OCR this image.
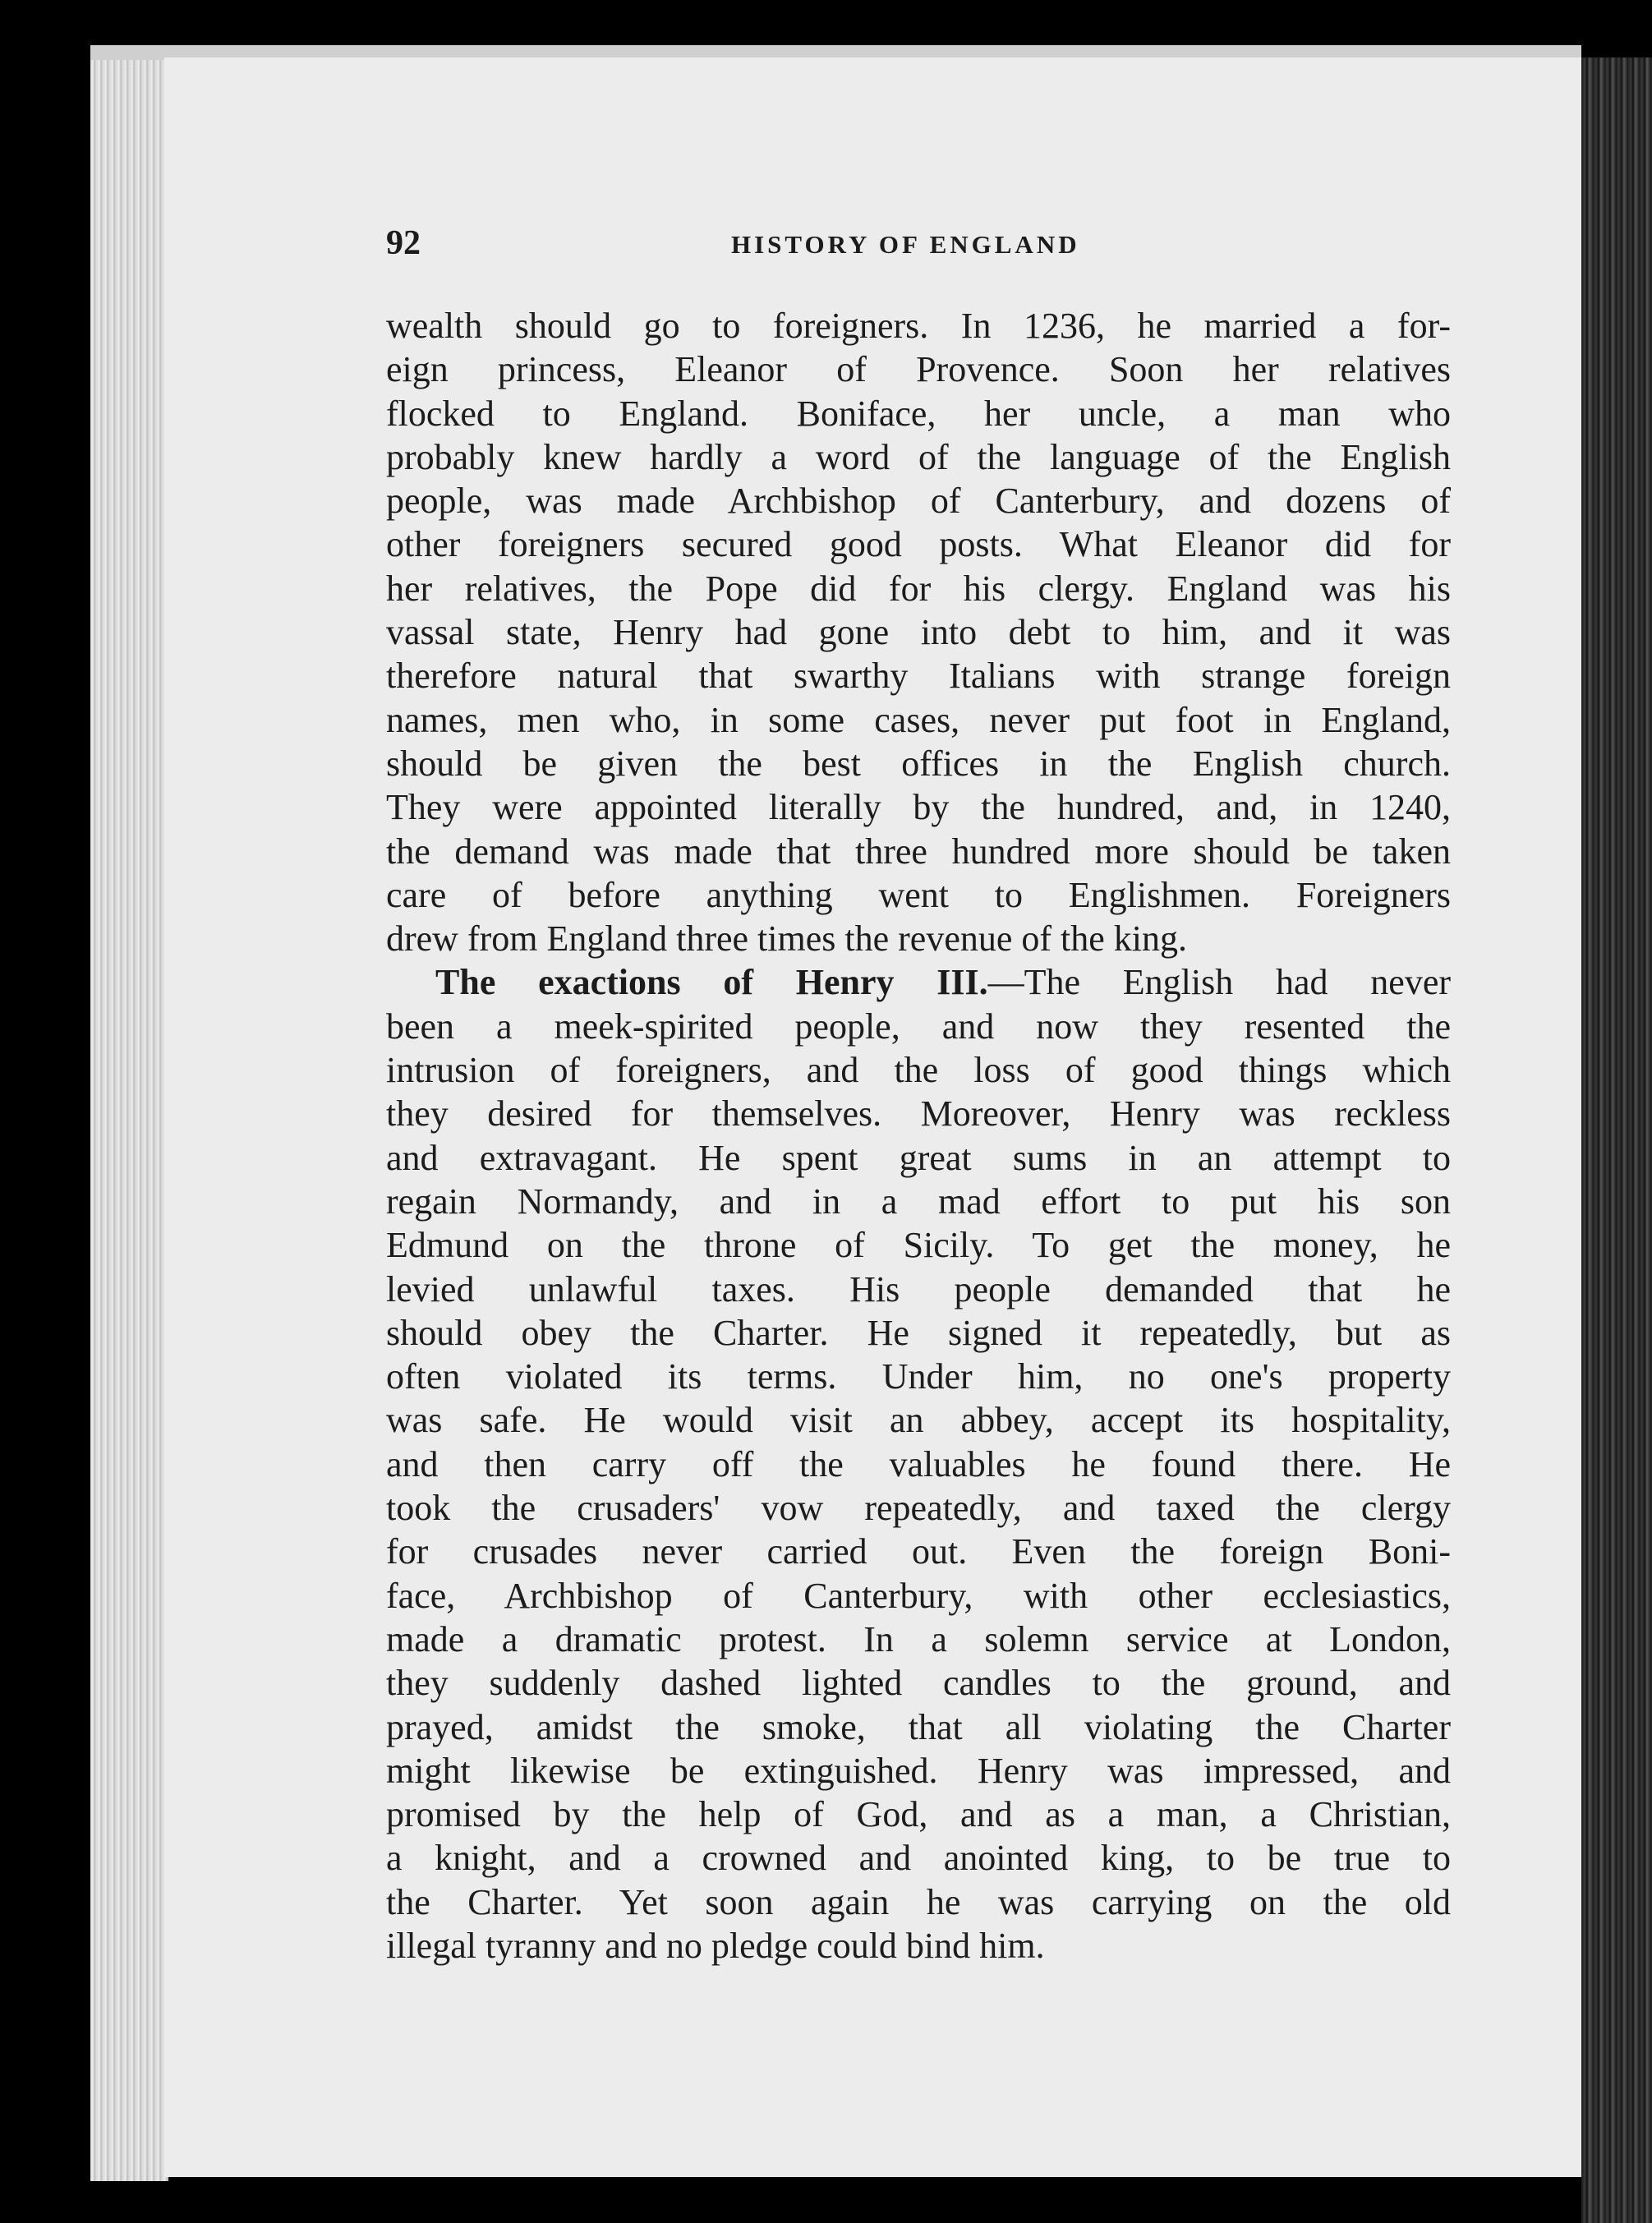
92	HISTORY OF ENGLAND
wealth should go to foreigners. In 1236, he married a for-
eign princess, Eleanor of Provence. Soon her relatives
flocked to England. Boniface, her uncle, a man who
probably knew hardly a word of the language of the English
people, was made Archbishop of Canterbury, and dozens of
other foreigners secured good posts. What Eleanor did for
her relatives, the Pope did for his clergy. England was his
vassal state, Henry had gone into debt to him, and it was
therefore natural that swarthy Italians with strange foreign
names, men who, in some cases, never put foot in England,
should be given the best offices in the English church.
They were appointed literally by the hundred, and, in 1240,
the demand was made that three hundred more should be taken
care of before anything went to Englishmen. Foreigners
drew from England three times the revenue of the king.
The exactions of Henry III.—The English had never
been a meek-spirited people, and now they resented the
intrusion of foreigners, and the loss of good things which
they desired for themselves. Moreover, Henry was reckless
and extravagant. He spent great sums in an attempt to
regain Normandy, and in a mad effort to put his son
Edmund on the throne of Sicily. To get the money, he
levied unlawful taxes. His people demanded that he
should obey the Charter. He signed it repeatedly, but as
often violated its terms. Under him, no one's property
was safe. He would visit an abbey, accept its hospitality,
and then carry off the valuables he found there. He
took the crusaders' vow repeatedly, and taxed the clergy
for crusades never carried out. Even the foreign Boni-
face, Archbishop of Canterbury, with other ecclesiastics,
made a dramatic protest. In a solemn service at London,
they suddenly dashed lighted candles to the ground, and
prayed, amidst the smoke, that all violating the Charter
might likewise be extinguished. Henry was impressed, and
promised by the help of God, and as a man, a Christian,
a knight, and a crowned and anointed king, to be true to
the Charter. Yet soon again he was carrying on the old
illegal tyranny and no pledge could bind him.
